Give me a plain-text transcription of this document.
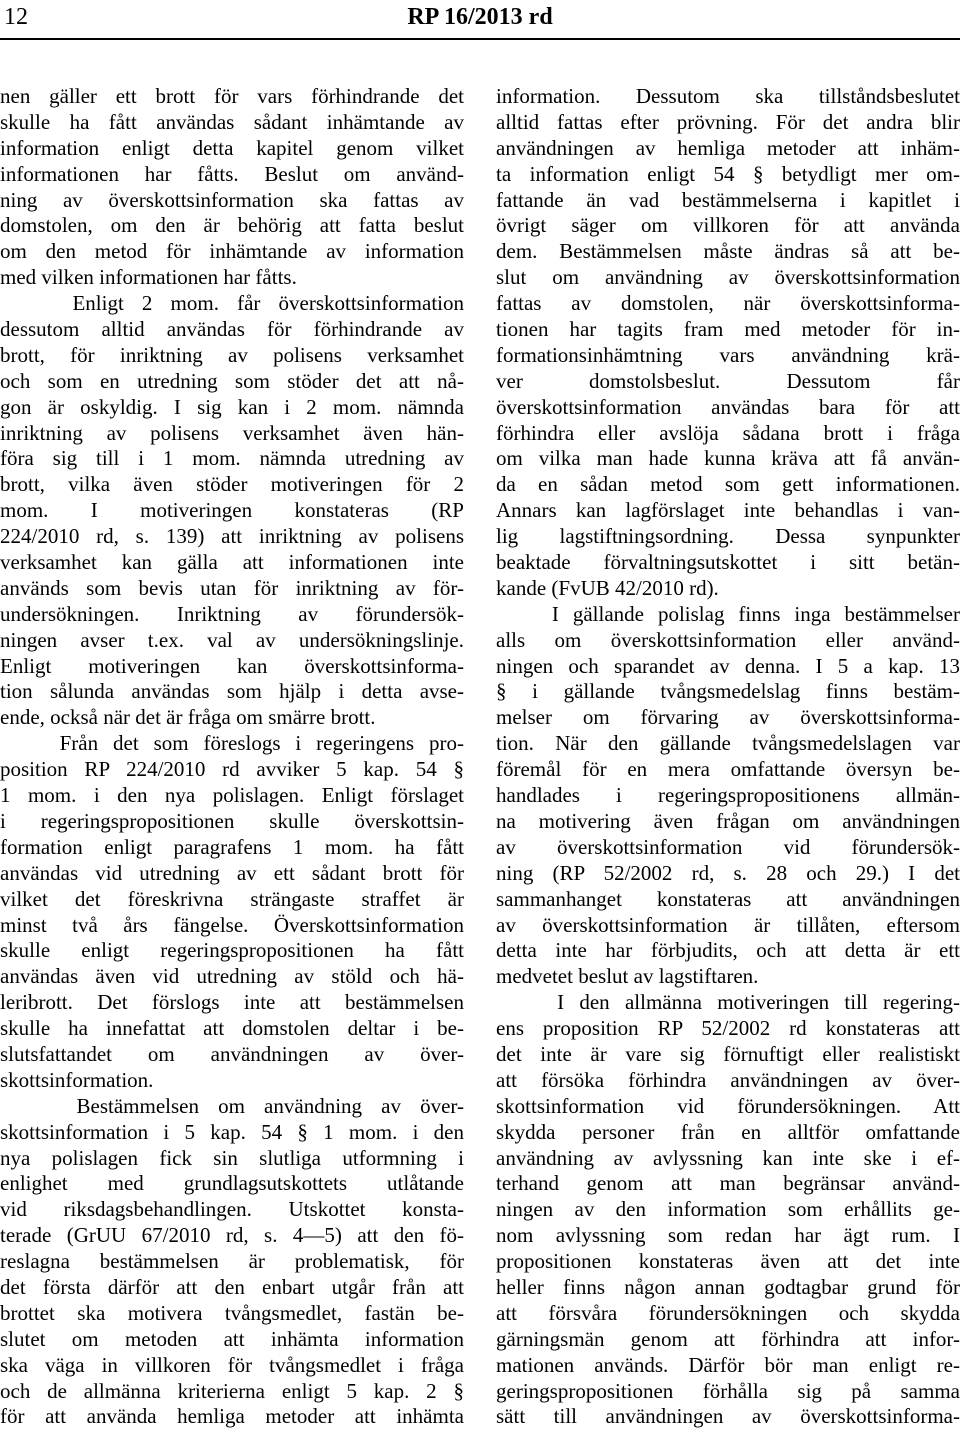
12	RP 16/2013 rd
nen gäller ett brott för vars förhindrande det
skulle ha fått användas sådant inhämtande av
information enligt detta kapitel genom vilket
informationen har fåtts. Beslut om använd-
ning av överskottsinformation ska fattas av
domstolen, om den är behörig att fatta beslut
om den metod för inhämtande av information
med vilken informationen har fåtts.
Enligt 2 mom. får överskottsinformation
dessutom alltid användas för förhindrande av
brott, för inriktning av polisens verksamhet
och som en utredning som stöder det att nå-
gon är oskyldig. I sig kan i 2 mom. nämnda
inriktning av polisens verksamhet även hän-
föra sig till i 1 mom. nämnda utredning av
brott, vilka även stöder motiveringen för 2
mom. I motiveringen konstateras (RP
224/2010 rd, s. 139) att inriktning av polisens
verksamhet kan gälla att informationen inte
används som bevis utan för inriktning av för-
undersökningen. Inriktning av förundersök-
ningen avser t.ex. val av undersökningslinje.
Enligt motiveringen kan överskottsinforma-
tion sålunda användas som hjälp i detta avse-
ende, också när det är fråga om smärre brott.
Från det som föreslogs i regeringens pro-
position RP 224/2010 rd avviker 5 kap. 54 §
1 mom. i den nya polislagen. Enligt förslaget
i regeringspropositionen skulle överskottsin-
formation enligt paragrafens 1 mom. ha fått
användas vid utredning av ett sådant brott för
vilket det föreskrivna strängaste straffet är
minst två års fängelse. Överskottsinformation
skulle enligt regeringspropositionen ha fått
användas även vid utredning av stöld och hä-
leribrott. Det förslogs inte att bestämmelsen
skulle ha innefattat att domstolen deltar i be-
slutsfattandet om användningen av över-
skottsinformation.
Bestämmelsen om användning av över-
skottsinformation i 5 kap. 54 § 1 mom. i den
nya polislagen fick sin slutliga utformning i
enlighet med grundlagsutskottets utlåtande
vid riksdagsbehandlingen. Utskottet konsta-
terade (GrUU 67/2010 rd, s. 4—5) att den fö-
reslagna bestämmelsen är problematisk, för
det första därför att den enbart utgår från att
brottet ska motivera tvångsmedlet, fastän be-
slutet om metoden att inhämta information
ska väga in villkoren för tvångsmedlet i fråga
och de allmänna kriterierna enligt 5 kap. 2 §
för att använda hemliga metoder att inhämta
information. Dessutom ska tillståndsbeslutet
alltid fattas efter prövning. För det andra blir
användningen av hemliga metoder att inhäm-
ta information enligt 54 § betydligt mer om-
fattande än vad bestämmelserna i kapitlet i
övrigt säger om villkoren för att använda
dem. Bestämmelsen måste ändras så att be-
slut om användning av överskottsinformation
fattas av domstolen, när överskottsinforma-
tionen har tagits fram med metoder för in-
formationsinhämtning vars användning krä-
ver domstolsbeslut. Dessutom får
överskottsinformation användas bara för att
förhindra eller avslöja sådana brott i fråga
om vilka man hade kunna kräva att få använ-
da en sådan metod som gett informationen.
Annars kan lagförslaget inte behandlas i van-
lig lagstiftningsordning. Dessa synpunkter
beaktade förvaltningsutskottet i sitt betän-
kande (FvUB 42/2010 rd).
I gällande polislag finns inga bestämmelser
alls om överskottsinformation eller använd-
ningen och sparandet av denna. I 5 a kap. 13
§ i gällande tvångsmedelslag finns bestäm-
melser om förvaring av överskottsinforma-
tion. När den gällande tvångsmedelslagen var
föremål för en mera omfattande översyn be-
handlades i regeringspropositionens allmän-
na motivering även frågan om användningen
av överskottsinformation vid förundersök-
ning (RP 52/2002 rd, s. 28 och 29.) I det
sammanhanget konstateras att användningen
av överskottsinformation är tillåten, eftersom
detta inte har förbjudits, och att detta är ett
medvetet beslut av lagstiftaren.
I den allmänna motiveringen till regering-
ens proposition RP 52/2002 rd konstateras att
det inte är vare sig förnuftigt eller realistiskt
att försöka förhindra användningen av över-
skottsinformation vid förundersökningen. Att
skydda personer från en alltför omfattande
användning av avlyssning kan inte ske i ef-
terhand genom att man begränsar använd-
ningen av den information som erhållits ge-
nom avlyssning som redan har ägt rum. I
propositionen konstateras även att det inte
heller finns någon annan godtagbar grund för
att försvåra förundersökningen och skydda
gärningsmän genom att förhindra att infor-
mationen används. Därför bör man enligt re-
geringspropositionen förhålla sig på samma
sätt till användningen av överskottsinforma-
